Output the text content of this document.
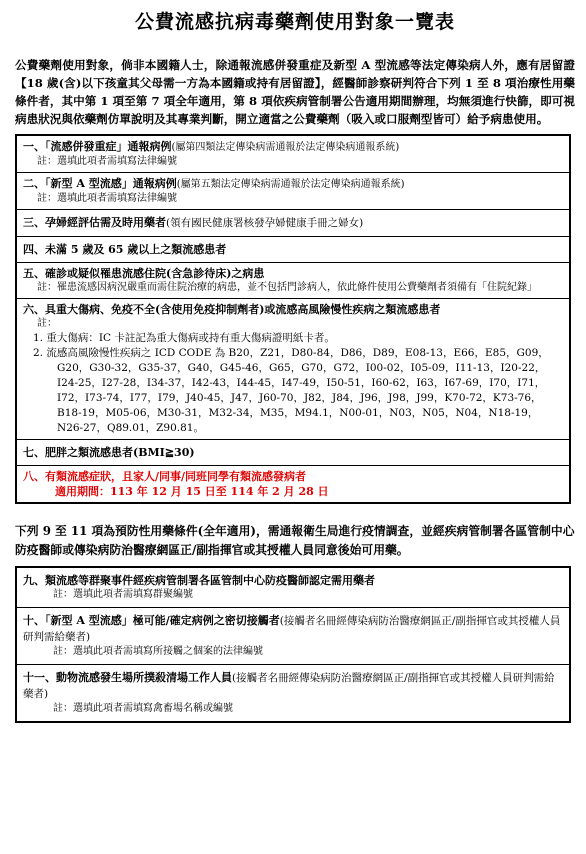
公費流感抗病毒藥劑使用對象一覽表
公費藥劑使用對象，倘非本國籍人士，除通報流感併發重症及新型 A 型流感等法定傳染病人外，應有居留證【18 歲(含)以下孩童其父母需一方為本國籍或持有居留證】，經醫師診察研判符合下列 1 至 8 項治療性用藥條件者，其中第 1 項至第 7 項全年適用，第 8 項依疾病管制署公告適用期間辦理，均無須進行快篩，即可視病患狀況與依藥劑仿單說明及其專業判斷，開立適當之公費藥劑（吸入或口服劑型皆可）給予病患使用。
一、「流感併發重症」通報病例(屬第四類法定傳染病需通報於法定傳染病通報系統)
註：選填此項者需填寫法律編號
二、「新型 A 型流感」通報病例(屬第五類法定傳染病需通報於法定傳染病通報系統)
註：選填此項者需填寫法律編號
三、孕婦經評估需及時用藥者(領有國民健康署核發孕婦健康手冊之婦女)
四、未滿 5 歲及 65 歲以上之類流感患者
五、確診或疑似罹患流感住院(含急診待床)之病患
註：罹患流感因病況嚴重而需住院治療的病患，並不包括門診病人，依此條件使用公費藥劑者須備有「住院紀錄」
六、具重大傷病、免疫不全(含使用免疫抑制劑者)或流感高風險慢性疾病之類流感患者
註：
1. 重大傷病：IC 卡註記為重大傷病或持有重大傷病證明紙卡者。
2. 流感高風險慢性疾病之 ICD CODE 為 B20，Z21，D80-84，D86，D89，E08-13，E66，E85，G09，G20，G30-32，G35-37，G40，G45-46，G65，G70，G72，I00-02，I05-09，I11-13，I20-22，I24-25，I27-28，I34-37，I42-43，I44-45，I47-49，I50-51，I60-62，I63，I67-69，I70，I71，I72，I73-74，I77，I79，J40-45，J47，J60-70，J82，J84，J96，J98，J99，K70-72，K73-76，B18-19，M05-06，M30-31，M32-34，M35，M94.1，N00-01，N03，N05，N04，N18-19，N26-27，Q89.01，Z90.81。
七、肥胖之類流感患者(BMI≧30)
八、有類流感症狀，且家人/同事/同班同學有類流感發病者
適用期間：113 年 12 月 15 日至 114 年 2 月 28 日
下列 9 至 11 項為預防性用藥條件(全年適用)，需通報衛生局進行疫情調查，並經疾病管制署各區管制中心防疫醫師或傳染病防治醫療網區正/副指揮官或其授權人員同意後始可用藥。
九、類流感等群聚事件經疾病管制署各區管制中心防疫醫師認定需用藥者
註：選填此項者需填寫群聚編號
十、「新型 A 型流感」極可能/確定病例之密切接觸者(接觸者名冊經傳染病防治醫療網區正/副指揮官或其授權人員研判需給藥者)
註：選填此項者需填寫所接觸之個案的法律編號
十一、動物流感發生場所撲殺清場工作人員(接觸者名冊經傳染病防治醫療網區正/副指揮官或其授權人員研判需給藥者)
註：選填此項者需填寫禽畜場名稱或編號
